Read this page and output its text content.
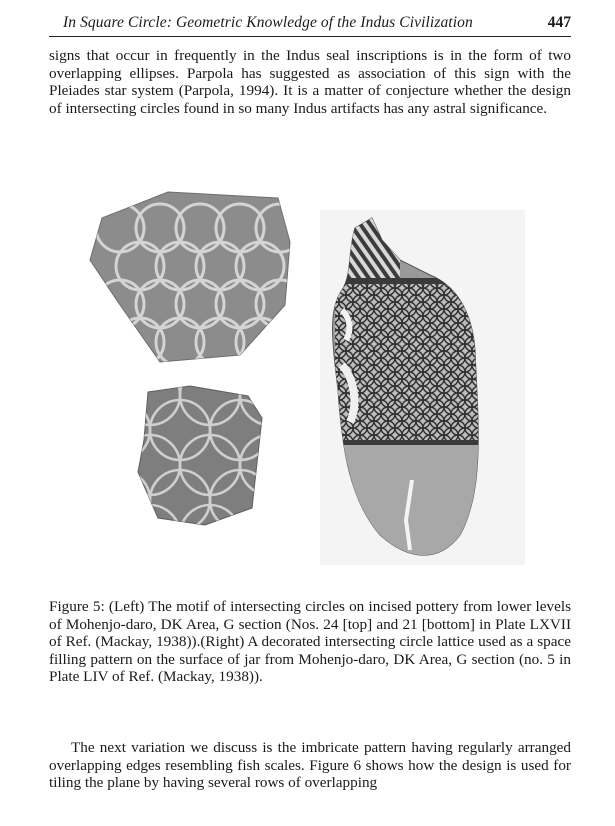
In Square Circle: Geometric Knowledge of the Indus Civilization	447

signs that occur in frequently in the Indus seal inscriptions is in the form of two overlapping ellipses. Parpola has suggested as association of this sign with the Pleiades star system (Parpola, 1994). It is a matter of conjecture whether the design of intersecting circles found in so many Indus artifacts has any astral significance.

Figure 5: (Left) The motif of intersecting circles on incised pottery from lower levels of Mohenjo-daro, DK Area, G section (Nos. 24 [top] and 21 [bottom] in Plate LXVII of Ref. (Mackay, 1938)).(Right) A decorated intersecting circle lattice used as a space filling pattern on the surface of jar from Mohenjo-daro, DK Area, G section (no. 5 in Plate LIV of Ref. (Mackay, 1938)).

The next variation we discuss is the imbricate pattern having regularly arranged overlapping edges resembling fish scales. Figure 6 shows how the design is used for tiling the plane by having several rows of overlapping
